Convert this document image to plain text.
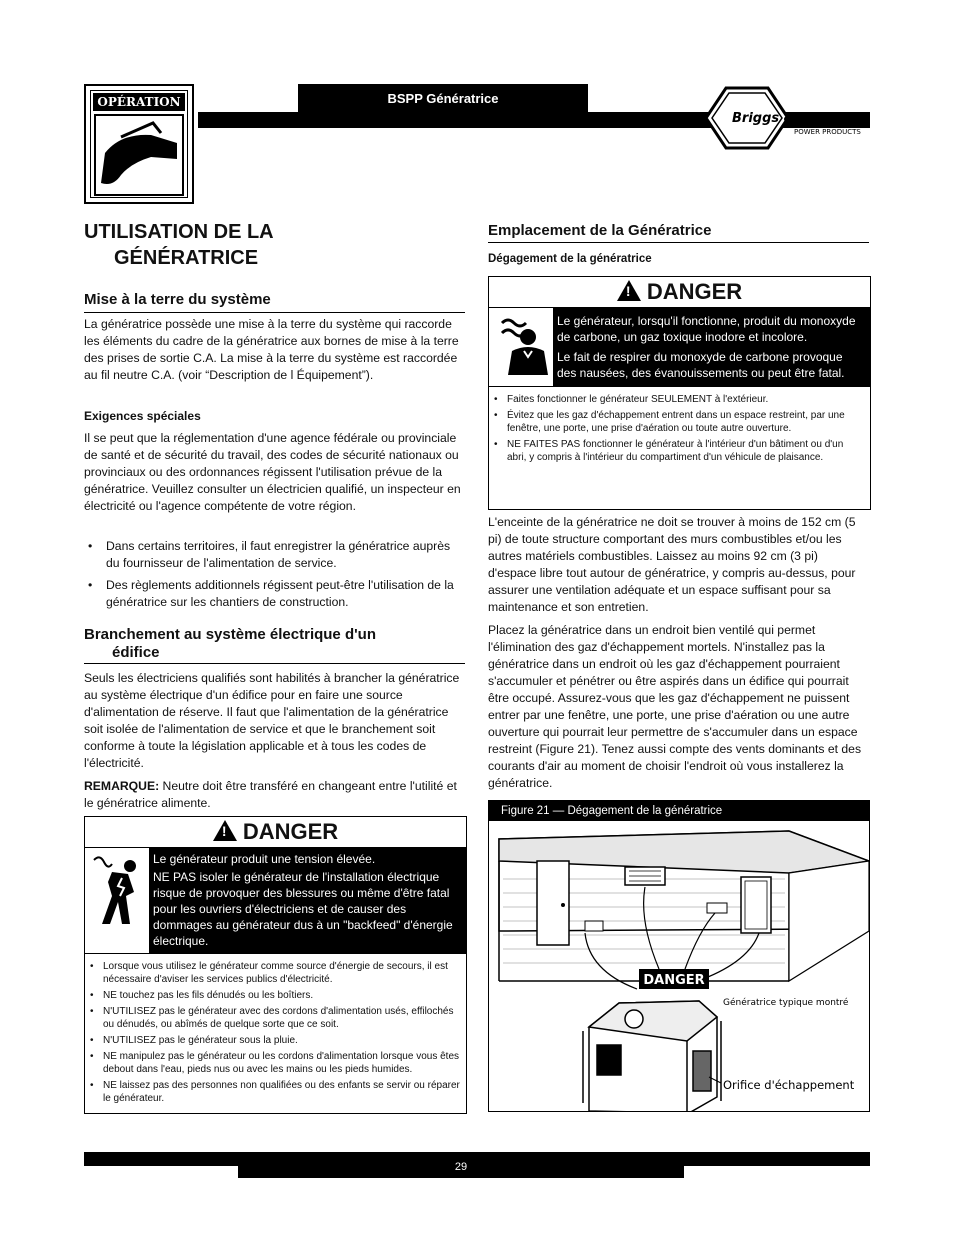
BSPP Génératrice
OPÉRATION
Briggs & Stratton
POWER PRODUCTS
UTILISATION DE LA
GÉNÉRATRICE
Mise à la terre du système
La génératrice possède une mise à la terre du système qui raccorde les éléments du cadre de la génératrice aux bornes de mise à la terre des prises de sortie C.A. La mise à la terre du système est raccordée au fil neutre C.A. (voir “Description de l Équipement”).
Exigences spéciales
Il se peut que la réglementation d'une agence fédérale ou provinciale de santé et de sécurité du travail, des codes de sécurité nationaux ou provinciaux ou des ordonnances régissent l'utilisation prévue de la génératrice. Veuillez consulter un électricien qualifié, un inspecteur en électricité ou l'agence compétente de votre région.
• Dans certains territoires, il faut enregistrer la génératrice auprès du fournisseur de l'alimentation de service.
• Des règlements additionnels régissent peut-être l'utilisation de la génératrice sur les chantiers de construction.
Branchement au système électrique d'un
édifice
Seuls les électriciens qualifiés sont habilités à brancher la génératrice au système électrique d'un édifice pour en faire une source d'alimentation de réserve. Il faut que l'alimentation de la génératrice soit isolée de l'alimentation de service et que le branchement soit conforme à toute la législation applicable et à tous les codes de l'électricité.
REMARQUE: Neutre doit être transféré en changeant entre l'utilité et le génératrice alimente.
!DANGER
Le générateur produit une tension élevée.
NE PAS isoler le générateur de l'installation électrique risque de provoquer des blessures ou même d'être fatal pour les ouvriers d'électriciens et de causer des dommages au générateur dus à un "backfeed" d'énergie électrique.
• Lorsque vous utilisez le générateur comme source d'énergie de secours, il est nécessaire d'aviser les services publics d'électricité.
• NE touchez pas les fils dénudés ou les boîtiers.
• N'UTILISEZ pas le générateur avec des cordons d'alimentation usés, effilochés ou dénudés, ou abîmés de quelque sorte que ce soit.
• N'UTILISEZ pas le générateur sous la pluie.
• NE manipulez pas le générateur ou les cordons d'alimentation lorsque vous êtes debout dans l'eau, pieds nus ou avec les mains ou les pieds humides.
• NE laissez pas des personnes non qualifiées ou des enfants se servir ou réparer le générateur.
Emplacement de la Génératrice
Dégagement de la génératrice
!DANGER
Le générateur, lorsqu'il fonctionne, produit du monoxyde de carbone, un gaz toxique inodore et incolore.
Le fait de respirer du monoxyde de carbone provoque des nausées, des évanouissements ou peut être fatal.
• Faites fonctionner le générateur SEULEMENT à l'extérieur.
• Évitez que les gaz d'échappement entrent dans un espace restreint, par une fenêtre, une porte, une prise d'aération ou toute autre ouverture.
• NE FAITES PAS fonctionner le générateur à l'intérieur d'un bâtiment ou d'un abri, y compris à l'intérieur du compartiment d'un véhicule de plaisance.
L'enceinte de la génératrice ne doit se trouver à moins de 152 cm (5 pi) de toute structure comportant des murs combustibles et/ou les autres matériels combustibles. Laissez au moins 92 cm (3 pi) d'espace libre tout autour de génératrice, y compris au-dessus, pour assurer une ventilation adéquate et un espace suffisant pour sa maintenance et son entretien.
Placez la génératrice dans un endroit bien ventilé qui permet l'élimination des gaz d'échappement mortels. N'installez pas la génératrice dans un endroit où les gaz d'échappement pourraient s'accumuler et pénétrer ou être aspirés dans un édifice qui pourrait être occupé. Assurez-vous que les gaz d'échappement ne puissent entrer par une fenêtre, une porte, une prise d'aération ou une autre ouverture qui pourrait leur permettre de s'accumuler dans un espace restreint (Figure 21). Tenez aussi compte des vents dominants et des courants d'air au moment de choisir l'endroit où vous installerez la génératrice.
Figure 21 — Dégagement de la génératrice
DANGER
Génératrice typique montré
Orifice d'échappement
29
